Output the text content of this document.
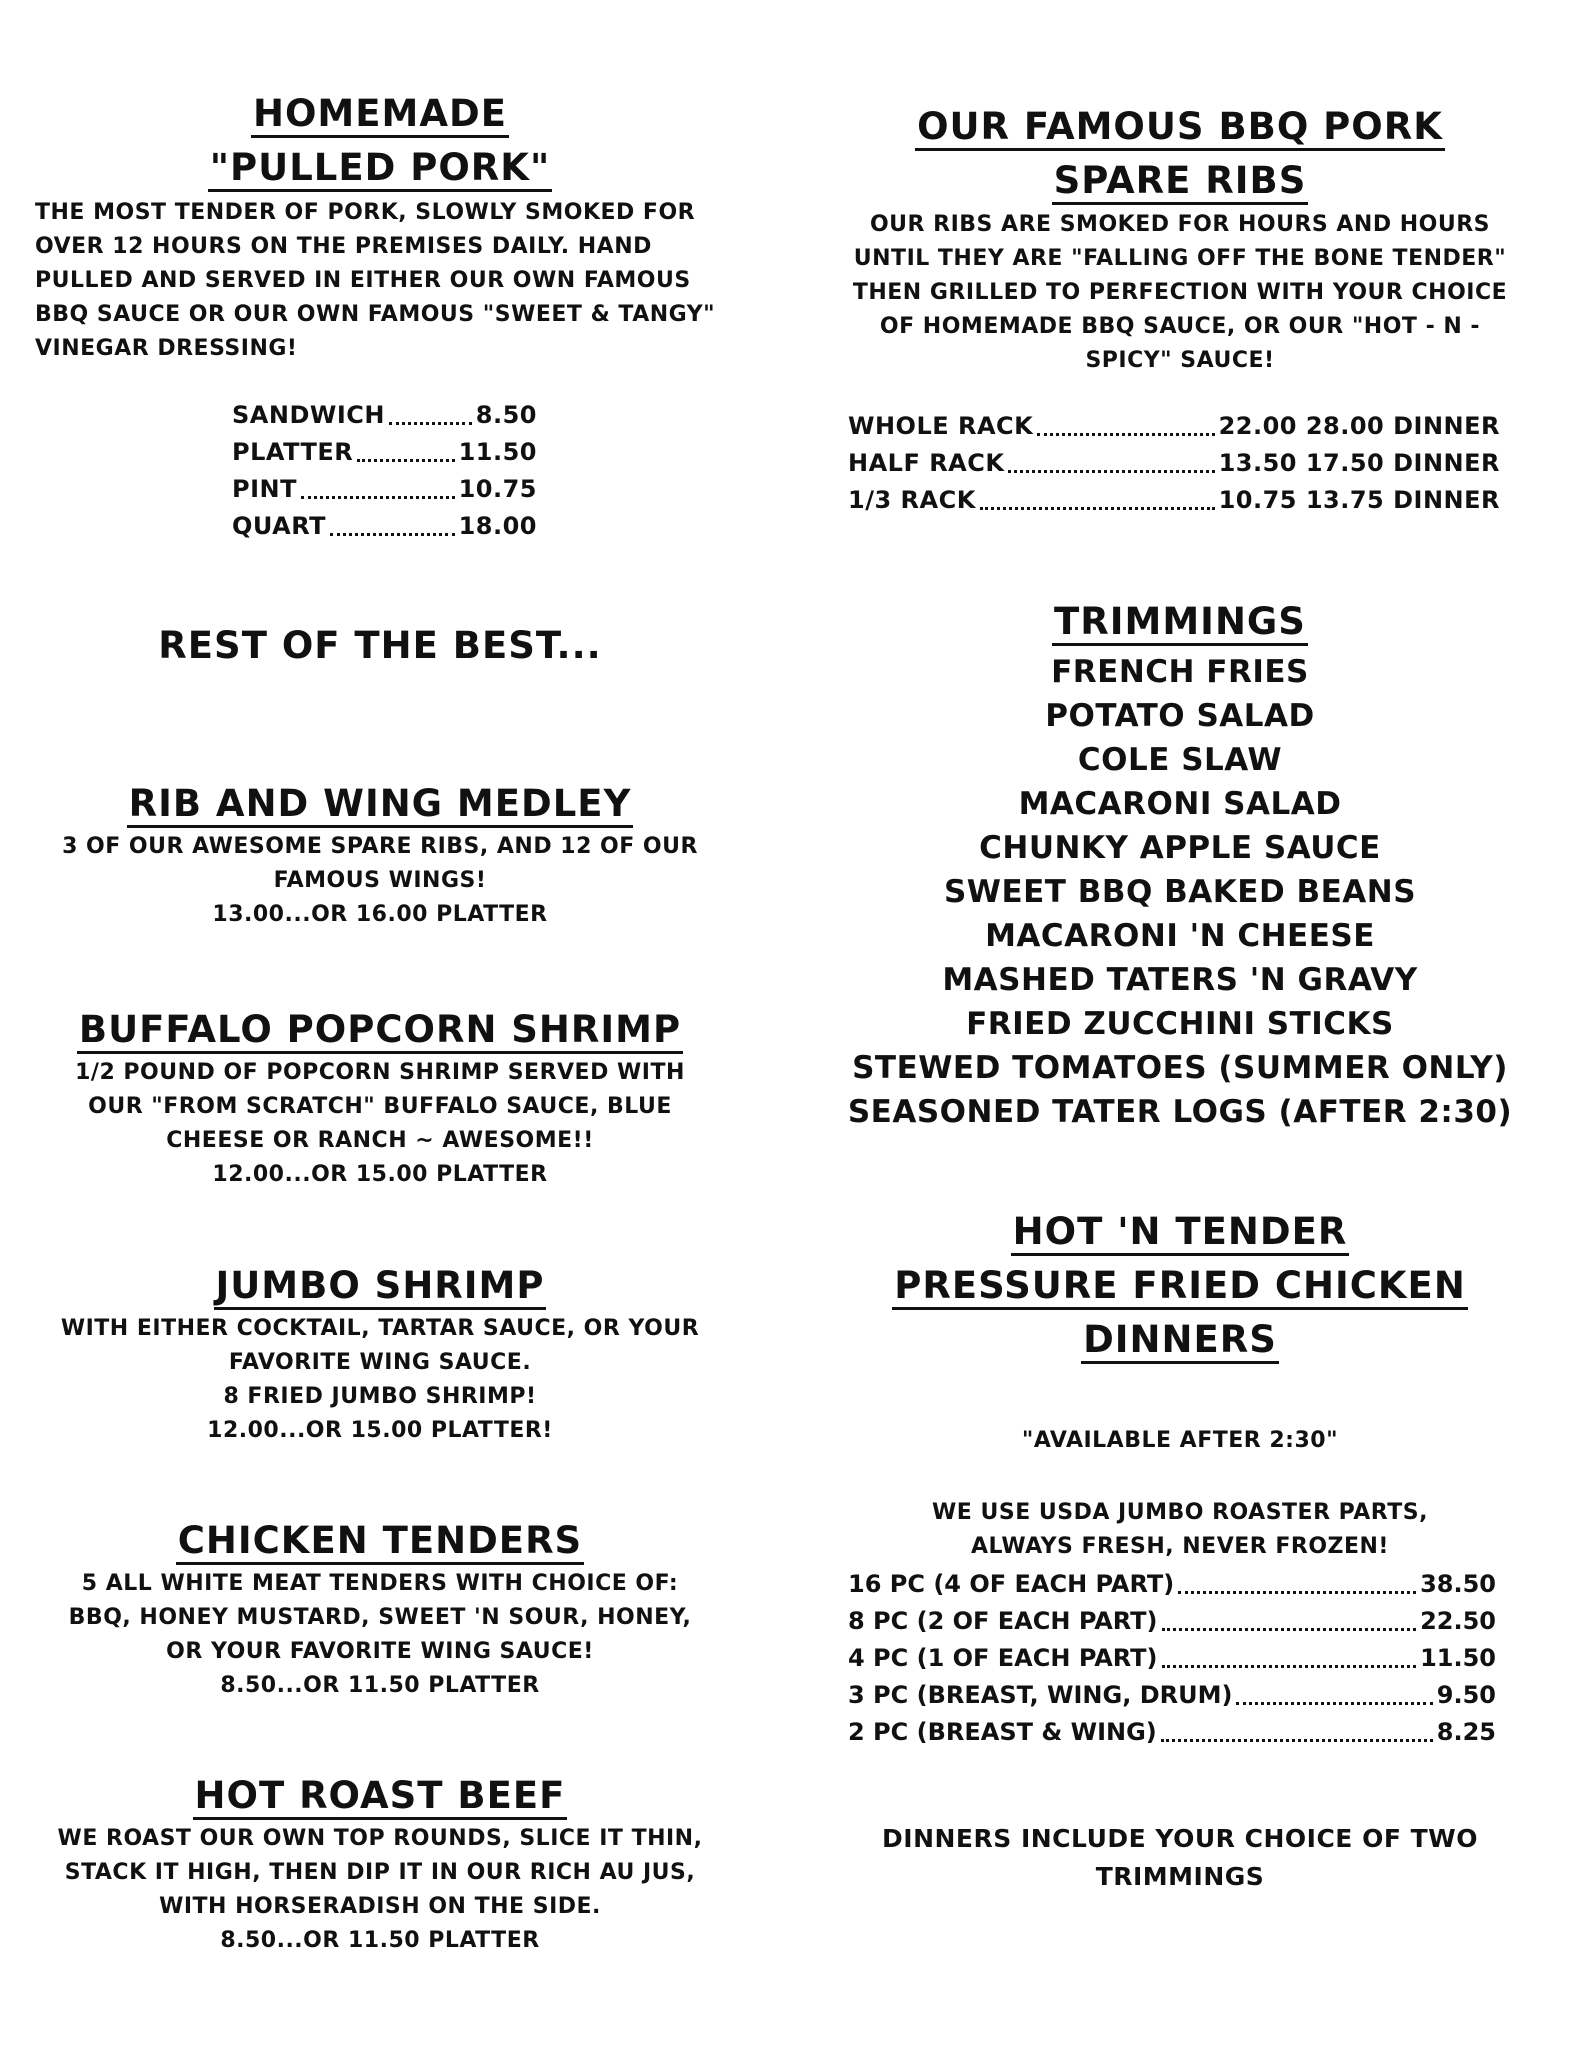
HOMEMADE
"PULLED PORK"
THE MOST TENDER OF PORK, SLOWLY SMOKED FOR OVER 12 HOURS ON THE PREMISES DAILY. HAND PULLED AND SERVED IN EITHER OUR OWN FAMOUS BBQ SAUCE OR OUR OWN FAMOUS "SWEET & TANGY" VINEGAR DRESSING!
SANDWICH	8.50
PLATTER	11.50
PINT	10.75
QUART	18.00
REST OF THE BEST...
RIB AND WING MEDLEY
3 OF OUR AWESOME SPARE RIBS, AND 12 OF OUR
FAMOUS WINGS!
13.00...OR 16.00 PLATTER
BUFFALO POPCORN SHRIMP
1/2 POUND OF POPCORN SHRIMP SERVED WITH
OUR "FROM SCRATCH" BUFFALO SAUCE, BLUE
CHEESE OR RANCH ~ AWESOME!!
12.00...OR 15.00 PLATTER
JUMBO SHRIMP
WITH EITHER COCKTAIL, TARTAR SAUCE, OR YOUR
FAVORITE WING SAUCE.
8 FRIED JUMBO SHRIMP!
12.00...OR 15.00 PLATTER!
CHICKEN TENDERS
5 ALL WHITE MEAT TENDERS WITH CHOICE OF:
BBQ, HONEY MUSTARD, SWEET 'N SOUR, HONEY,
OR YOUR FAVORITE WING SAUCE!
8.50...OR 11.50 PLATTER
HOT ROAST BEEF
WE ROAST OUR OWN TOP ROUNDS, SLICE IT THIN,
STACK IT HIGH, THEN DIP IT IN OUR RICH AU JUS,
WITH HORSERADISH ON THE SIDE.
8.50...OR 11.50 PLATTER
OUR FAMOUS BBQ PORK
SPARE RIBS
OUR RIBS ARE SMOKED FOR HOURS AND HOURS
UNTIL THEY ARE "FALLING OFF THE BONE TENDER"
THEN GRILLED TO PERFECTION WITH YOUR CHOICE
OF HOMEMADE BBQ SAUCE, OR OUR "HOT - N -
SPICY" SAUCE!
WHOLE RACK	22.00 28.00 DINNER
HALF RACK	13.50 17.50 DINNER
1/3 RACK	10.75 13.75 DINNER
TRIMMINGS
FRENCH FRIES
POTATO SALAD
COLE SLAW
MACARONI SALAD
CHUNKY APPLE SAUCE
SWEET BBQ BAKED BEANS
MACARONI 'N CHEESE
MASHED TATERS 'N GRAVY
FRIED ZUCCHINI STICKS
STEWED TOMATOES (SUMMER ONLY)
SEASONED TATER LOGS (AFTER 2:30)
HOT 'N TENDER
PRESSURE FRIED CHICKEN
DINNERS
"AVAILABLE AFTER 2:30"
WE USE USDA JUMBO ROASTER PARTS,
ALWAYS FRESH, NEVER FROZEN!
16 PC (4 OF EACH PART)	38.50
8 PC (2 OF EACH PART)	22.50
4 PC (1 OF EACH PART)	11.50
3 PC (BREAST, WING, DRUM)	9.50
2 PC (BREAST & WING)	8.25
DINNERS INCLUDE YOUR CHOICE OF TWO
TRIMMINGS
